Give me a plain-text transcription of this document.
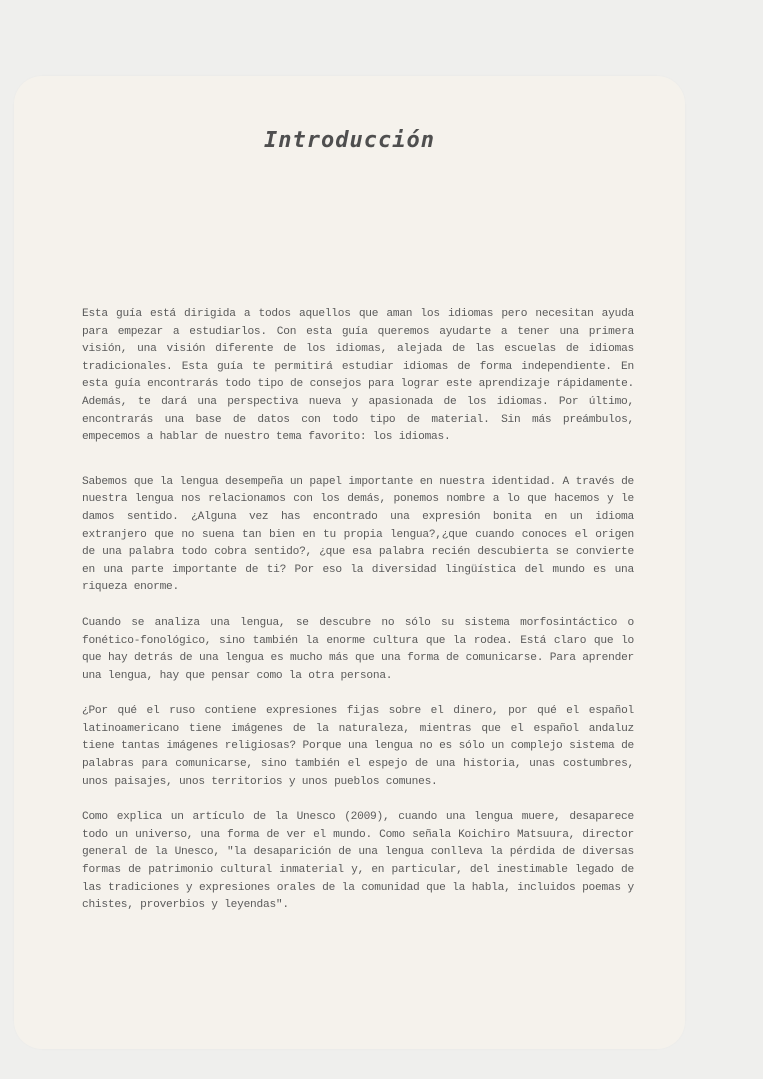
Introducción

Esta guía está dirigida a todos aquellos que aman los idiomas pero necesitan ayuda para empezar a estudiarlos. Con esta guía queremos ayudarte a tener una primera visión, una visión diferente de los idiomas, alejada de las escuelas de idiomas tradicionales. Esta guía te permitirá estudiar idiomas de forma independiente. En esta guía encontrarás todo tipo de consejos para lograr este aprendizaje rápidamente. Además, te dará una perspectiva nueva y apasionada de los idiomas. Por último, encontrarás una base de datos con todo tipo de material. Sin más preámbulos, empecemos a hablar de nuestro tema favorito: los idiomas.

Sabemos que la lengua desempeña un papel importante en nuestra identidad. A través de nuestra lengua nos relacionamos con los demás, ponemos nombre a lo que hacemos y le damos sentido. ¿Alguna vez has encontrado una expresión bonita en un idioma extranjero que no suena tan bien en tu propia lengua?,¿que cuando conoces el origen de una palabra todo cobra sentido?, ¿que esa palabra recién descubierta se convierte en una parte importante de ti? Por eso la diversidad lingüística del mundo es una riqueza enorme.

Cuando se analiza una lengua, se descubre no sólo su sistema morfosintáctico o fonético-fonológico, sino también la enorme cultura que la rodea. Está claro que lo que hay detrás de una lengua es mucho más que una forma de comunicarse. Para aprender una lengua, hay que pensar como la otra persona.

¿Por qué el ruso contiene expresiones fijas sobre el dinero, por qué el español latinoamericano tiene imágenes de la naturaleza, mientras que el español andaluz tiene tantas imágenes religiosas? Porque una lengua no es sólo un complejo sistema de palabras para comunicarse, sino también el espejo de una historia, unas costumbres, unos paisajes, unos territorios y unos pueblos comunes.

Como explica un artículo de la Unesco (2009), cuando una lengua muere, desaparece todo un universo, una forma de ver el mundo. Como señala Koichiro Matsuura, director general de la Unesco, "la desaparición de una lengua conlleva la pérdida de diversas formas de patrimonio cultural inmaterial y, en particular, del inestimable legado de las tradiciones y expresiones orales de la comunidad que la habla, incluidos poemas y chistes, proverbios y leyendas".
